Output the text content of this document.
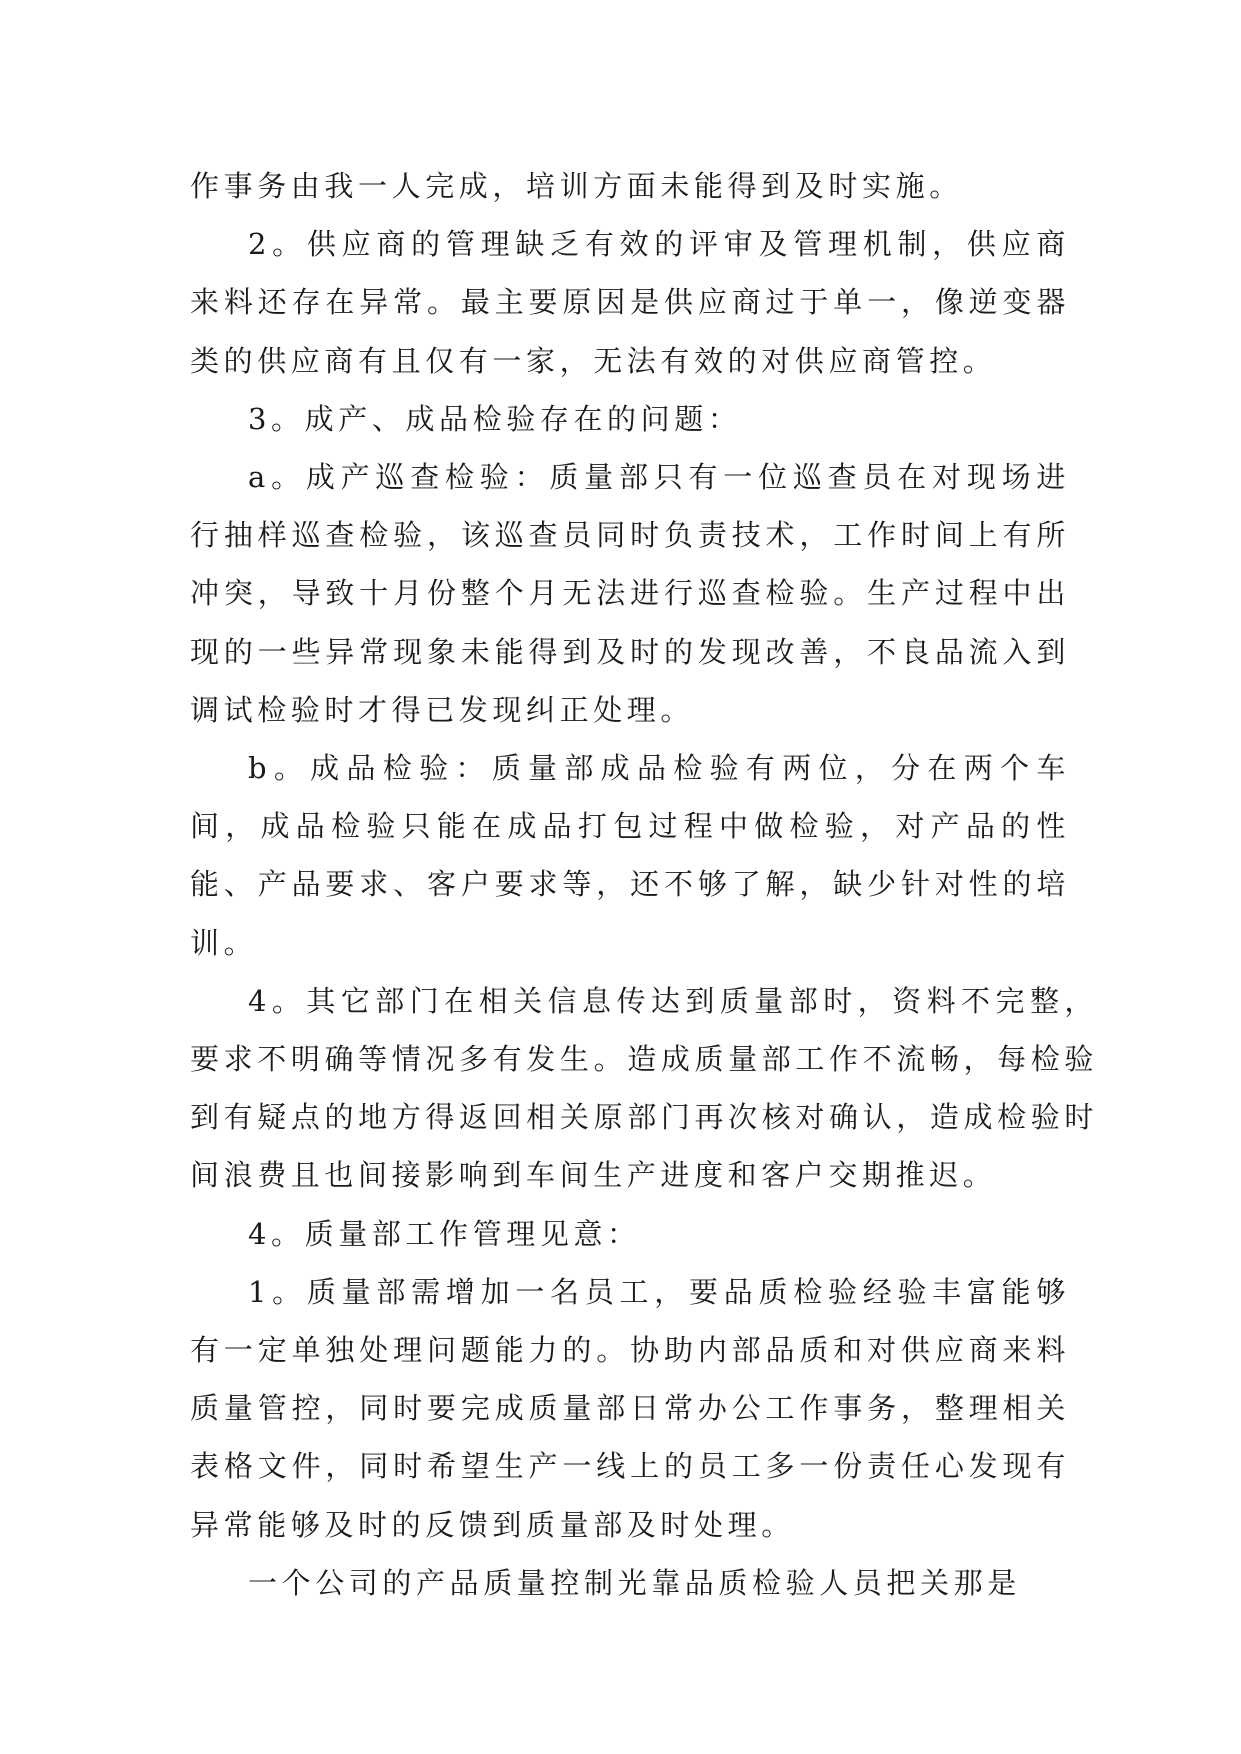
作事务由我一人完成，培训方面未能得到及时实施。

2。供应商的管理缺乏有效的评审及管理机制，供应商来料还存在异常。最主要原因是供应商过于单一，像逆变器类的供应商有且仅有一家，无法有效的对供应商管控。

3。成产、成品检验存在的问题：

a。成产巡查检验：质量部只有一位巡查员在对现场进行抽样巡查检验，该巡查员同时负责技术，工作时间上有所冲突，导致十月份整个月无法进行巡查检验。生产过程中出现的一些异常现象未能得到及时的发现改善，不良品流入到调试检验时才得已发现纠正处理。

b。成品检验：质量部成品检验有两位，分在两个车间，成品检验只能在成品打包过程中做检验，对产品的性能、产品要求、客户要求等，还不够了解，缺少针对性的培训。

4。其它部门在相关信息传达到质量部时，资料不完整，要求不明确等情况多有发生。造成质量部工作不流畅，每检验到有疑点的地方得返回相关原部门再次核对确认，造成检验时间浪费且也间接影响到车间生产进度和客户交期推迟。

4。质量部工作管理见意：

1。质量部需增加一名员工，要品质检验经验丰富能够有一定单独处理问题能力的。协助内部品质和对供应商来料质量管控，同时要完成质量部日常办公工作事务，整理相关表格文件，同时希望生产一线上的员工多一份责任心发现有异常能够及时的反馈到质量部及时处理。

一个公司的产品质量控制光靠品质检验人员把关那是
